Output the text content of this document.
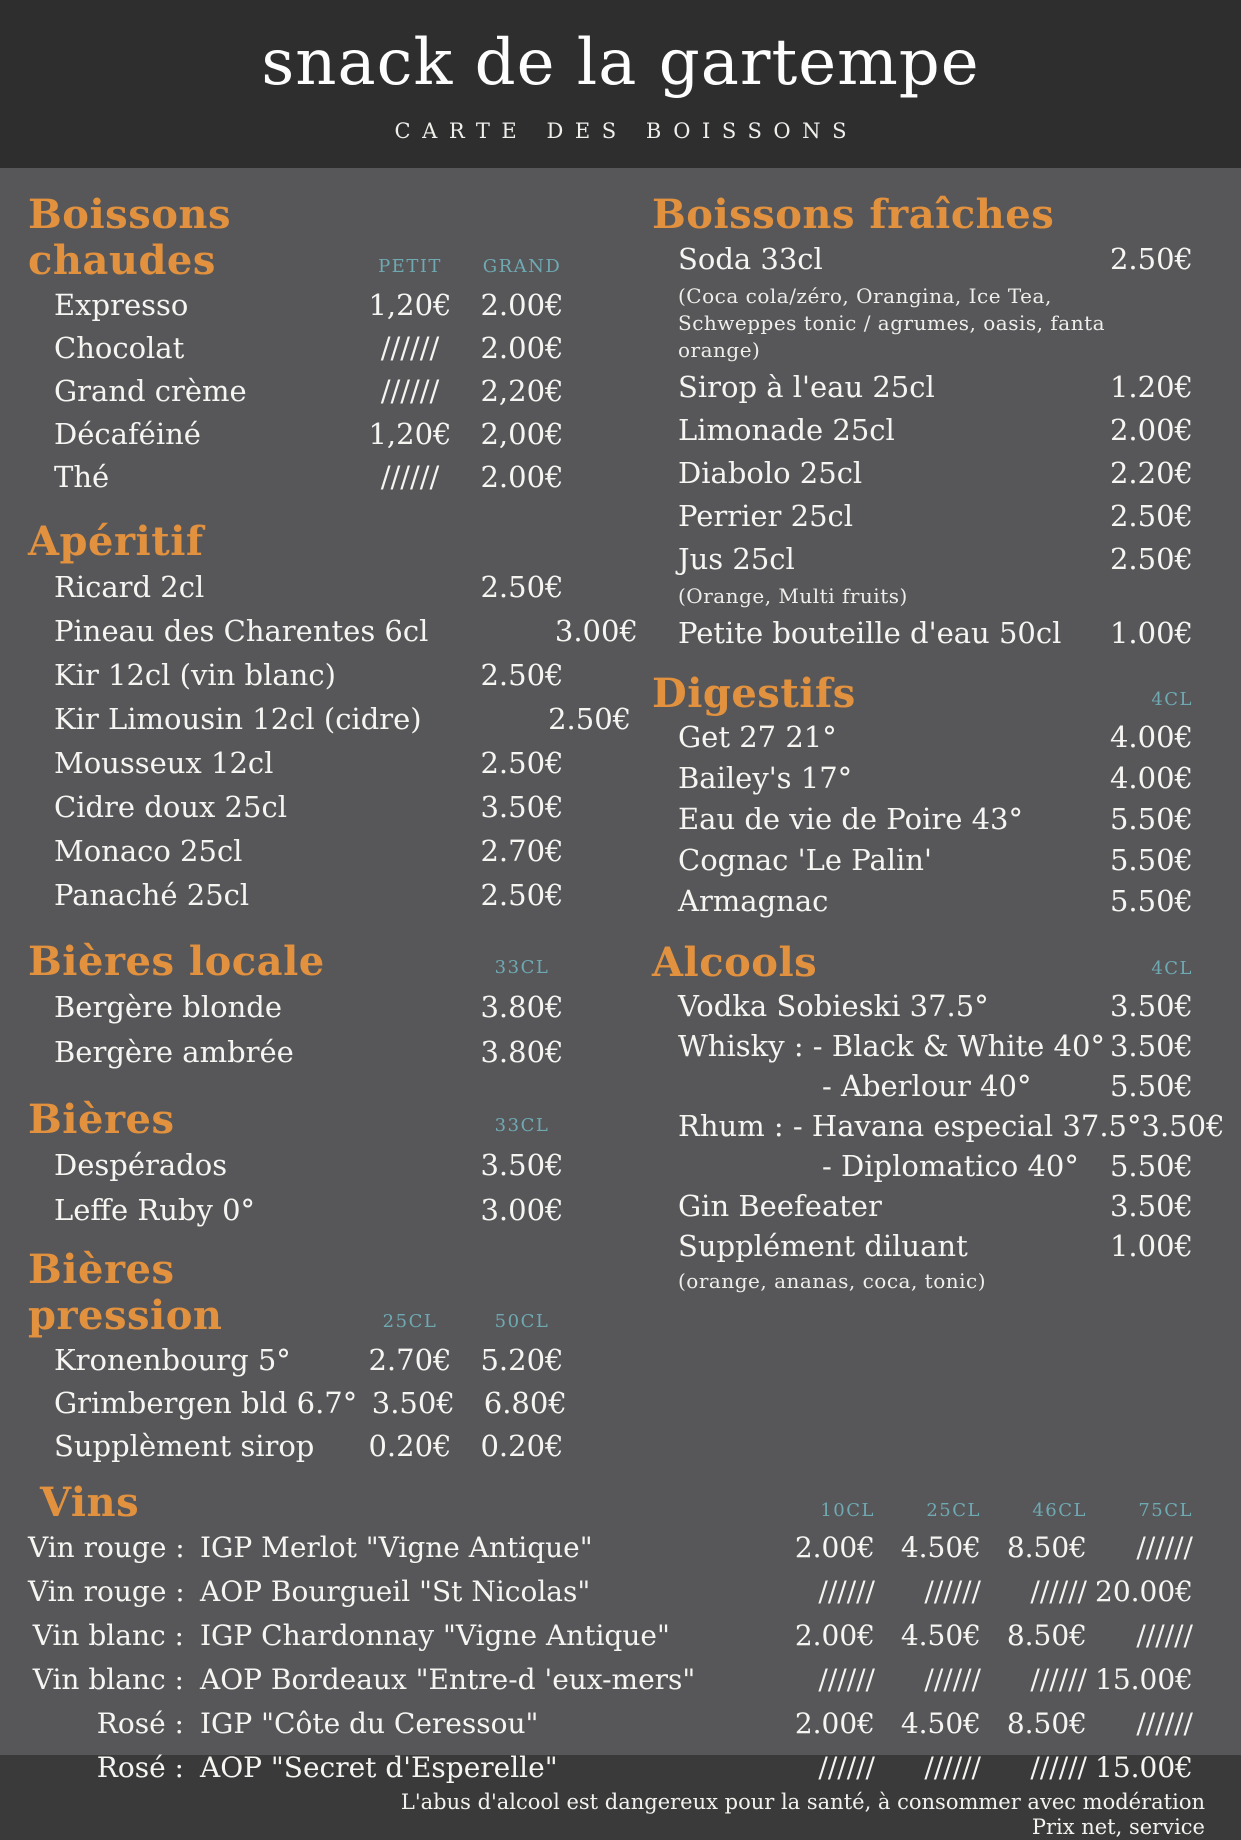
snack de la gartempe
CARTE DES BOISSONS
Boissons chaudes	PETIT	GRAND
Expresso	1,20€ 2.00€
Chocolat	//////	2.00€
Grand crème	//////	2,20€
Décaféiné	1,20€ 2,00€
Thé	//////	2.00€
Apéritif
Ricard 2cl	2.50€
Pineau des Charentes 6cl	3.00€
Kir 12cl (vin blanc)	2.50€
Kir Limousin 12cl (cidre)	2.50€
Mousseux 12cl	2.50€
Cidre doux 25cl	3.50€
Monaco 25cl	2.70€
Panaché 25cl	2.50€
Bières locale	33CL
Bergère blonde	3.80€
Bergère ambrée	3.80€
Bières	33CL
Despérados	3.50€
Leffe Ruby 0°	3.00€
Bières pression	25CL	50CL
Kronenbourg 5°	2.70€ 5.20€
Grimbergen bld 6.7° 3.50€ 6.80€
Supplèment sirop	0.20€ 0.20€
Boissons fraîches
Soda 33cl	2.50€
(Coca cola/zéro, Orangina, Ice Tea, Schweppes tonic / agrumes, oasis, fanta orange)
Sirop à l'eau 25cl	1.20€
Limonade 25cl	2.00€
Diabolo 25cl	2.20€
Perrier 25cl	2.50€
Jus 25cl	2.50€
(Orange, Multi fruits)
Petite bouteille d'eau 50cl 1.00€
Digestifs	4CL
Get 27 21°	4.00€
Bailey's 17°	4.00€
Eau de vie de Poire 43°	5.50€
Cognac 'Le Palin'	5.50€
Armagnac	5.50€
Alcools	4CL
Vodka Sobieski 37.5°	3.50€
Whisky : - Black & White 40° 3.50€
- Aberlour 40°	5.50€
Rhum : - Havana especial 37.5° 3.50€
- Diplomatico 40° 5.50€
Gin Beefeater	3.50€
Supplément diluant	1.00€
(orange, ananas, coca, tonic)
Vins	10CL	25CL	46CL	75CL
Vin rouge : IGP Merlot "Vigne Antique"	2.00€ 4.50€ 8.50€	//////
Vin rouge : AOP Bourgueil "St Nicolas"	//////	//////	////// 20.00€
Vin blanc : IGP Chardonnay "Vigne Antique"	2.00€ 4.50€ 8.50€	//////
Vin blanc : AOP Bordeaux "Entre-d 'eux-mers"	//////	//////	////// 15.00€
Rosé : IGP "Côte du Ceressou"	2.00€ 4.50€ 8.50€	//////
Rosé : AOP "Secret d'Esperelle"	//////	//////	////// 15.00€
L'abus d'alcool est dangereux pour la santé, à consommer avec modération
Prix net, service
